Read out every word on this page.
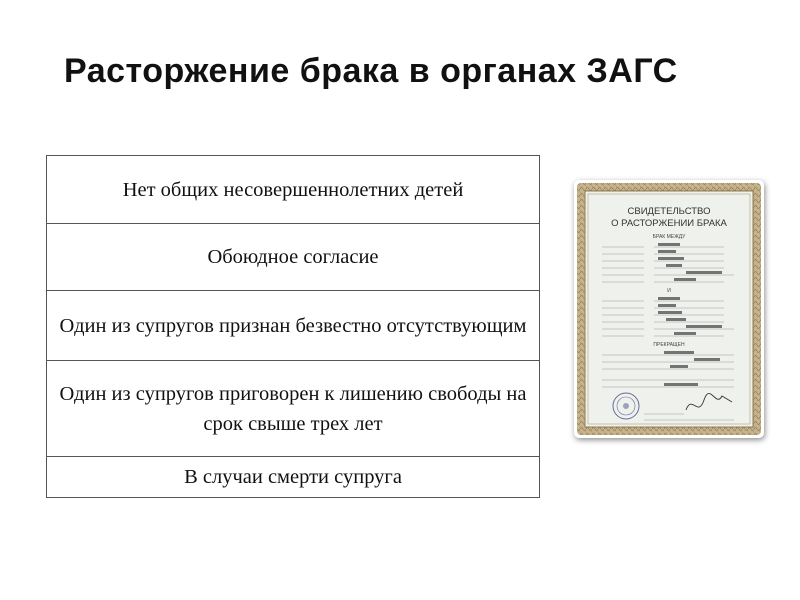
Расторжение брака в органах ЗАГС
Нет общих несовершеннолетних детей
Обоюдное согласие
Один из супругов признан безвестно отсутствующим
Один из супругов приговорен к лишению свободы на срок свыше трех лет
В случаи смерти супруга
СВИДЕТЕЛЬСТВО
О РАСТОРЖЕНИИ БРАКА
БРАК МЕЖДУ
И
ПРЕКРАЩЕН
